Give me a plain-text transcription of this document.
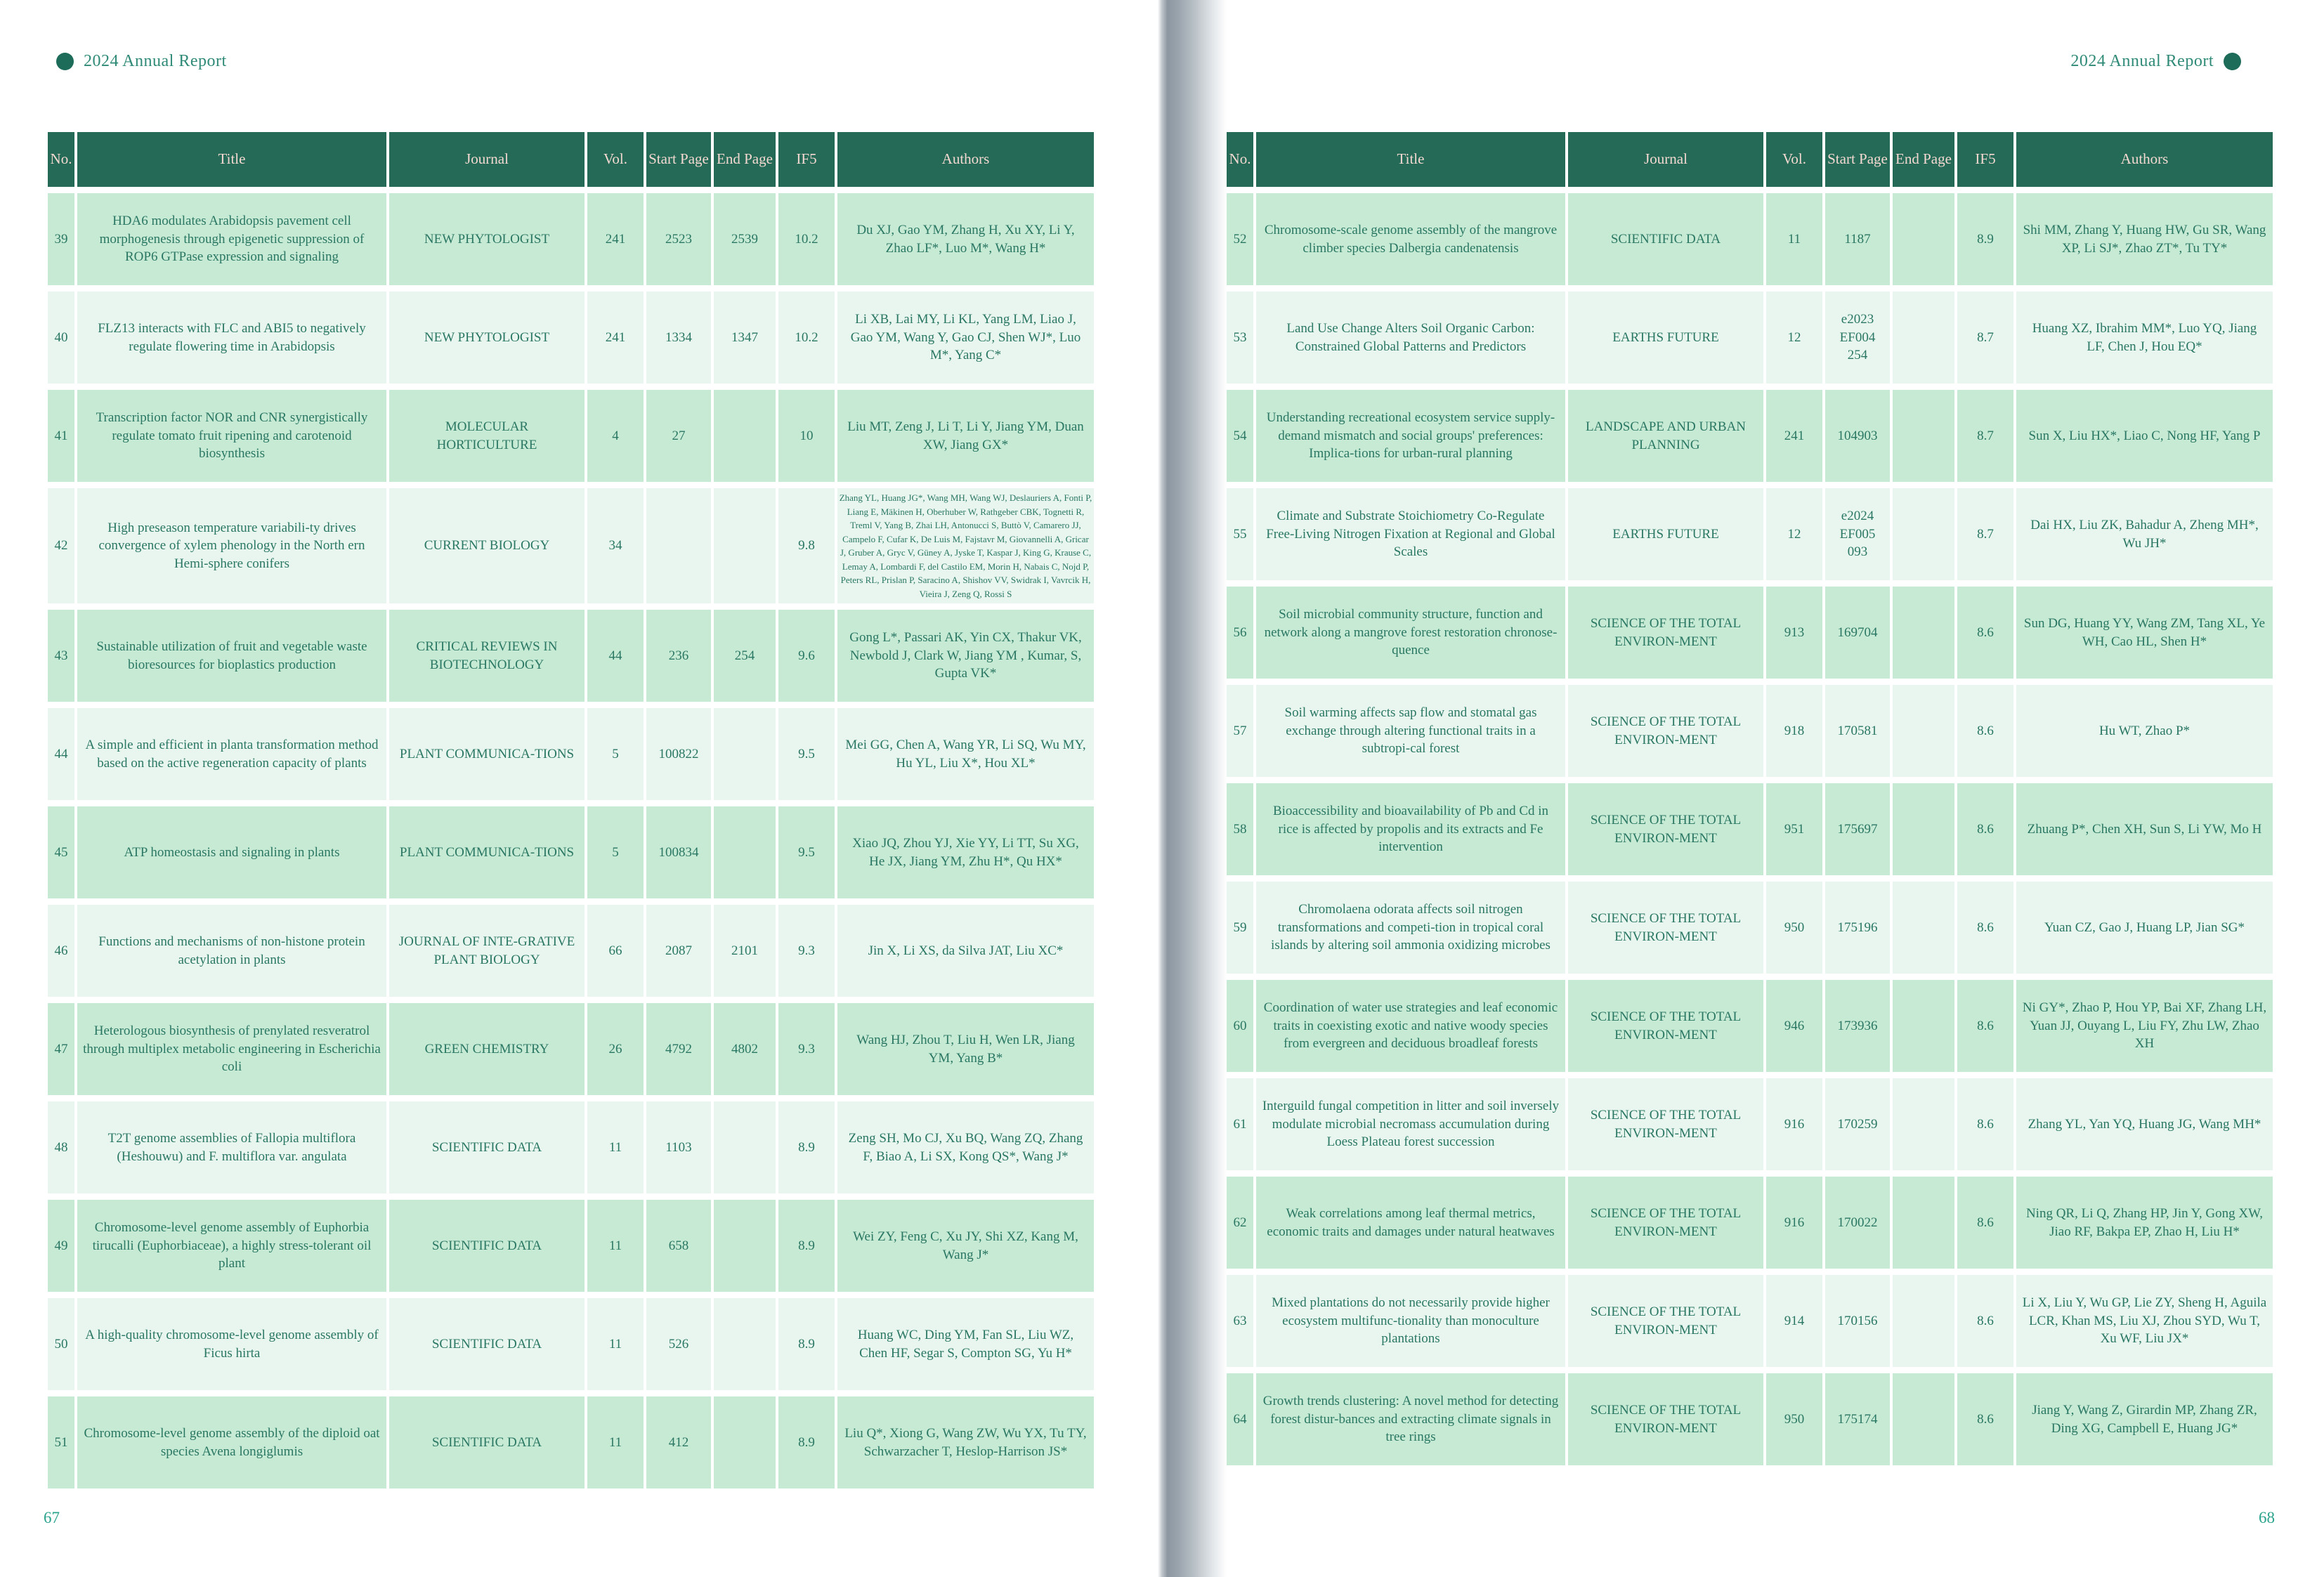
2024 Annual Report	2024 Annual Report
No.	Title	Journal	Vol.	Start Page	End Page	IF5	Authors
39	HDA6 modulates Arabidopsis pavement cell morphogenesis through epigenetic suppression of ROP6 GTPase expression and signaling	NEW PHYTOLOGIST	241	2523	2539	10.2	Du XJ, Gao YM, Zhang H, Xu XY, Li Y, Zhao LF*, Luo M*, Wang H*
40	FLZ13 interacts with FLC and ABI5 to negatively regulate flowering time in Arabidopsis	NEW PHYTOLOGIST	241	1334	1347	10.2	Li XB, Lai MY, Li KL, Yang LM, Liao J, Gao YM, Wang Y, Gao CJ, Shen WJ*, Luo M*, Yang C*
41	Transcription factor NOR and CNR synergistically regulate tomato fruit ripening and carotenoid biosynthesis	MOLECULAR HORTICULTURE	4	27		10	Liu MT, Zeng J, Li T, Li Y, Jiang YM, Duan XW, Jiang GX*
42	High preseason temperature variabili-ty drives convergence of xylem phenology in the North ern Hemi-sphere conifers	CURRENT BIOLOGY	34			9.8	Zhang YL, Huang JG*, Wang MH, Wang WJ, Deslauriers A, Fonti P, Liang E, Mäkinen H, Oberhuber W, Rathgeber CBK, Tognetti R, Treml V, Yang B, Zhai LH, Antonucci S, Buttò V, Camarero JJ, Campelo F, Cufar K, De Luis M, Fajstavr M, Giovannelli A, Gricar J, Gruber A, Gryc V, Güney A, Jyske T, Kaspar J, King G, Krause C, Lemay A, Lombardi F, del Castilo EM, Morin H, Nabais C, Nojd P, Peters RL, Prislan P, Saracino A, Shishov VV, Swidrak I, Vavrcik H, Vieira J, Zeng Q, Rossi S
43	Sustainable utilization of fruit and vegetable waste bioresources for bioplastics production	CRITICAL REVIEWS IN BIOTECHNOLOGY	44	236	254	9.6	Gong L*, Passari AK, Yin CX, Thakur VK, Newbold J, Clark W, Jiang YM , Kumar, S, Gupta VK*
44	A simple and efficient in planta transformation method based on the active regeneration capacity of plants	PLANT COMMUNICA-TIONS	5	100822		9.5	Mei GG, Chen A, Wang YR, Li SQ, Wu MY, Hu YL, Liu X*, Hou XL*
45	ATP homeostasis and signaling in plants	PLANT COMMUNICA-TIONS	5	100834		9.5	Xiao JQ, Zhou YJ, Xie YY, Li TT, Su XG, He JX, Jiang YM, Zhu H*, Qu HX*
46	Functions and mechanisms of non-histone protein acetylation in plants	JOURNAL OF INTE-GRATIVE PLANT BIOLOGY	66	2087	2101	9.3	Jin X, Li XS, da Silva JAT, Liu XC*
47	Heterologous biosynthesis of prenylated resveratrol through multiplex metabolic engineering in Escherichia coli	GREEN CHEMISTRY	26	4792	4802	9.3	Wang HJ, Zhou T, Liu H, Wen LR, Jiang YM, Yang B*
48	T2T genome assemblies of Fallopia multiflora (Heshouwu) and F. multiflora var. angulata	SCIENTIFIC DATA	11	1103		8.9	Zeng SH, Mo CJ, Xu BQ, Wang ZQ, Zhang F, Biao A, Li SX, Kong QS*, Wang J*
49	Chromosome-level genome assembly of Euphorbia tirucalli (Euphorbiaceae), a highly stress-tolerant oil plant	SCIENTIFIC DATA	11	658		8.9	Wei ZY, Feng C, Xu JY, Shi XZ, Kang M, Wang J*
50	A high-quality chromosome-level genome assembly of Ficus hirta	SCIENTIFIC DATA	11	526		8.9	Huang WC, Ding YM, Fan SL, Liu WZ, Chen HF, Segar S, Compton SG, Yu H*
51	Chromosome-level genome assembly of the diploid oat species Avena longiglumis	SCIENTIFIC DATA	11	412		8.9	Liu Q*, Xiong G, Wang ZW, Wu YX, Tu TY, Schwarzacher T, Heslop-Harrison JS*
No.	Title	Journal	Vol.	Start Page	End Page	IF5	Authors
52	Chromosome-scale genome assembly of the mangrove climber species Dalbergia candenatensis	SCIENTIFIC DATA	11	1187		8.9	Shi MM, Zhang Y, Huang HW, Gu SR, Wang XP, Li SJ*, Zhao ZT*, Tu TY*
53	Land Use Change Alters Soil Organic Carbon: Constrained Global Patterns and Predictors	EARTHS FUTURE	12	e2023 EF004 254		8.7	Huang XZ, Ibrahim MM*, Luo YQ, Jiang LF, Chen J, Hou EQ*
54	Understanding recreational ecosystem service supply-demand mismatch and social groups' preferences: Implica-tions for urban-rural planning	LANDSCAPE AND URBAN PLANNING	241	104903		8.7	Sun X, Liu HX*, Liao C, Nong HF, Yang P
55	Climate and Substrate Stoichiometry Co-Regulate Free-Living Nitrogen Fixation at Regional and Global Scales	EARTHS FUTURE	12	e2024 EF005 093		8.7	Dai HX, Liu ZK, Bahadur A, Zheng MH*, Wu JH*
56	Soil microbial community structure, function and network along a mangrove forest restoration chronose-quence	SCIENCE OF THE TOTAL ENVIRON-MENT	913	169704		8.6	Sun DG, Huang YY, Wang ZM, Tang XL, Ye WH, Cao HL, Shen H*
57	Soil warming affects sap flow and stomatal gas exchange through altering functional traits in a subtropi-cal forest	SCIENCE OF THE TOTAL ENVIRON-MENT	918	170581		8.6	Hu WT, Zhao P*
58	Bioaccessibility and bioavailability of Pb and Cd in rice is affected by propolis and its extracts and Fe intervention	SCIENCE OF THE TOTAL ENVIRON-MENT	951	175697		8.6	Zhuang P*, Chen XH, Sun S, Li YW, Mo H
59	Chromolaena odorata affects soil nitrogen transformations and competi-tion in tropical coral islands by altering soil ammonia oxidizing microbes	SCIENCE OF THE TOTAL ENVIRON-MENT	950	175196		8.6	Yuan CZ, Gao J, Huang LP, Jian SG*
60	Coordination of water use strategies and leaf economic traits in coexisting exotic and native woody species from evergreen and deciduous broadleaf forests	SCIENCE OF THE TOTAL ENVIRON-MENT	946	173936		8.6	Ni GY*, Zhao P, Hou YP, Bai XF, Zhang LH, Yuan JJ, Ouyang L, Liu FY, Zhu LW, Zhao XH
61	Interguild fungal competition in litter and soil inversely modulate microbial necromass accumulation during Loess Plateau forest succession	SCIENCE OF THE TOTAL ENVIRON-MENT	916	170259		8.6	Zhang YL, Yan YQ, Huang JG, Wang MH*
62	Weak correlations among leaf thermal metrics, economic traits and damages under natural heatwaves	SCIENCE OF THE TOTAL ENVIRON-MENT	916	170022		8.6	Ning QR, Li Q, Zhang HP, Jin Y, Gong XW, Jiao RF, Bakpa EP, Zhao H, Liu H*
63	Mixed plantations do not necessarily provide higher ecosystem multifunc-tionality than monoculture plantations	SCIENCE OF THE TOTAL ENVIRON-MENT	914	170156		8.6	Li X, Liu Y, Wu GP, Lie ZY, Sheng H, Aguila LCR, Khan MS, Liu XJ, Zhou SYD, Wu T, Xu WF, Liu JX*
64	Growth trends clustering: A novel method for detecting forest distur-bances and extracting climate signals in tree rings	SCIENCE OF THE TOTAL ENVIRON-MENT	950	175174		8.6	Jiang Y, Wang Z, Girardin MP, Zhang ZR, Ding XG, Campbell E, Huang JG*
67	68
